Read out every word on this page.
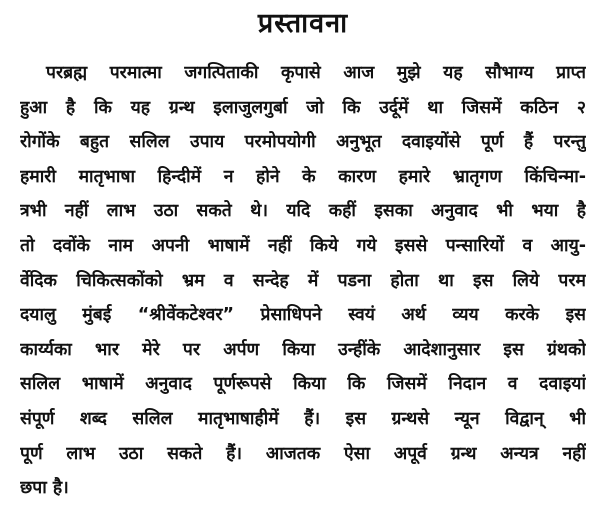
प्रस्तावना
परब्रह्म परमात्मा जगत्पिताकी कृपासे आज मुझे यह सौभाग्य प्राप्त
हुआ है कि यह ग्रन्थ इलाजुलगुर्बा जो कि उर्दूमें था जिसमें कठिन २
रोगोंके बहुत सलिल उपाय परमोपयोगी अनुभूत दवाइयोंसे पूर्ण हैं परन्तु
हमारी मातृभाषा हिन्दीमें न होने के कारण हमारे भ्रातृगण किंचिन्मा-
त्रभी नहीं लाभ उठा सकते थे। यदि कहीं इसका अनुवाद भी भया है
तो दवोंके नाम अपनी भाषामें नहीं किये गये इससे पन्सारियों व आयु-
र्वेदिक चिकित्सकोंको भ्रम व सन्देह में पडना होता था इस लिये परम
दयालु मुंबई “श्रीवेंकटेश्वर” प्रेसाधिपने स्वयं अर्थ व्यय करके इस
कार्य्यका भार मेरे पर अर्पण किया उन्हींके आदेशानुसार इस ग्रंथको
सलिल भाषामें अनुवाद पूर्णरूपसे किया कि जिसमें निदान व दवाइयां
संपूर्ण शब्द सलिल मातृभाषाहीमें हैं। इस ग्रन्थसे न्यून विद्वान् भी
पूर्ण लाभ उठा सकते हैं। आजतक ऐसा अपूर्व ग्रन्थ अन्यत्र नहीं
छपा है।
